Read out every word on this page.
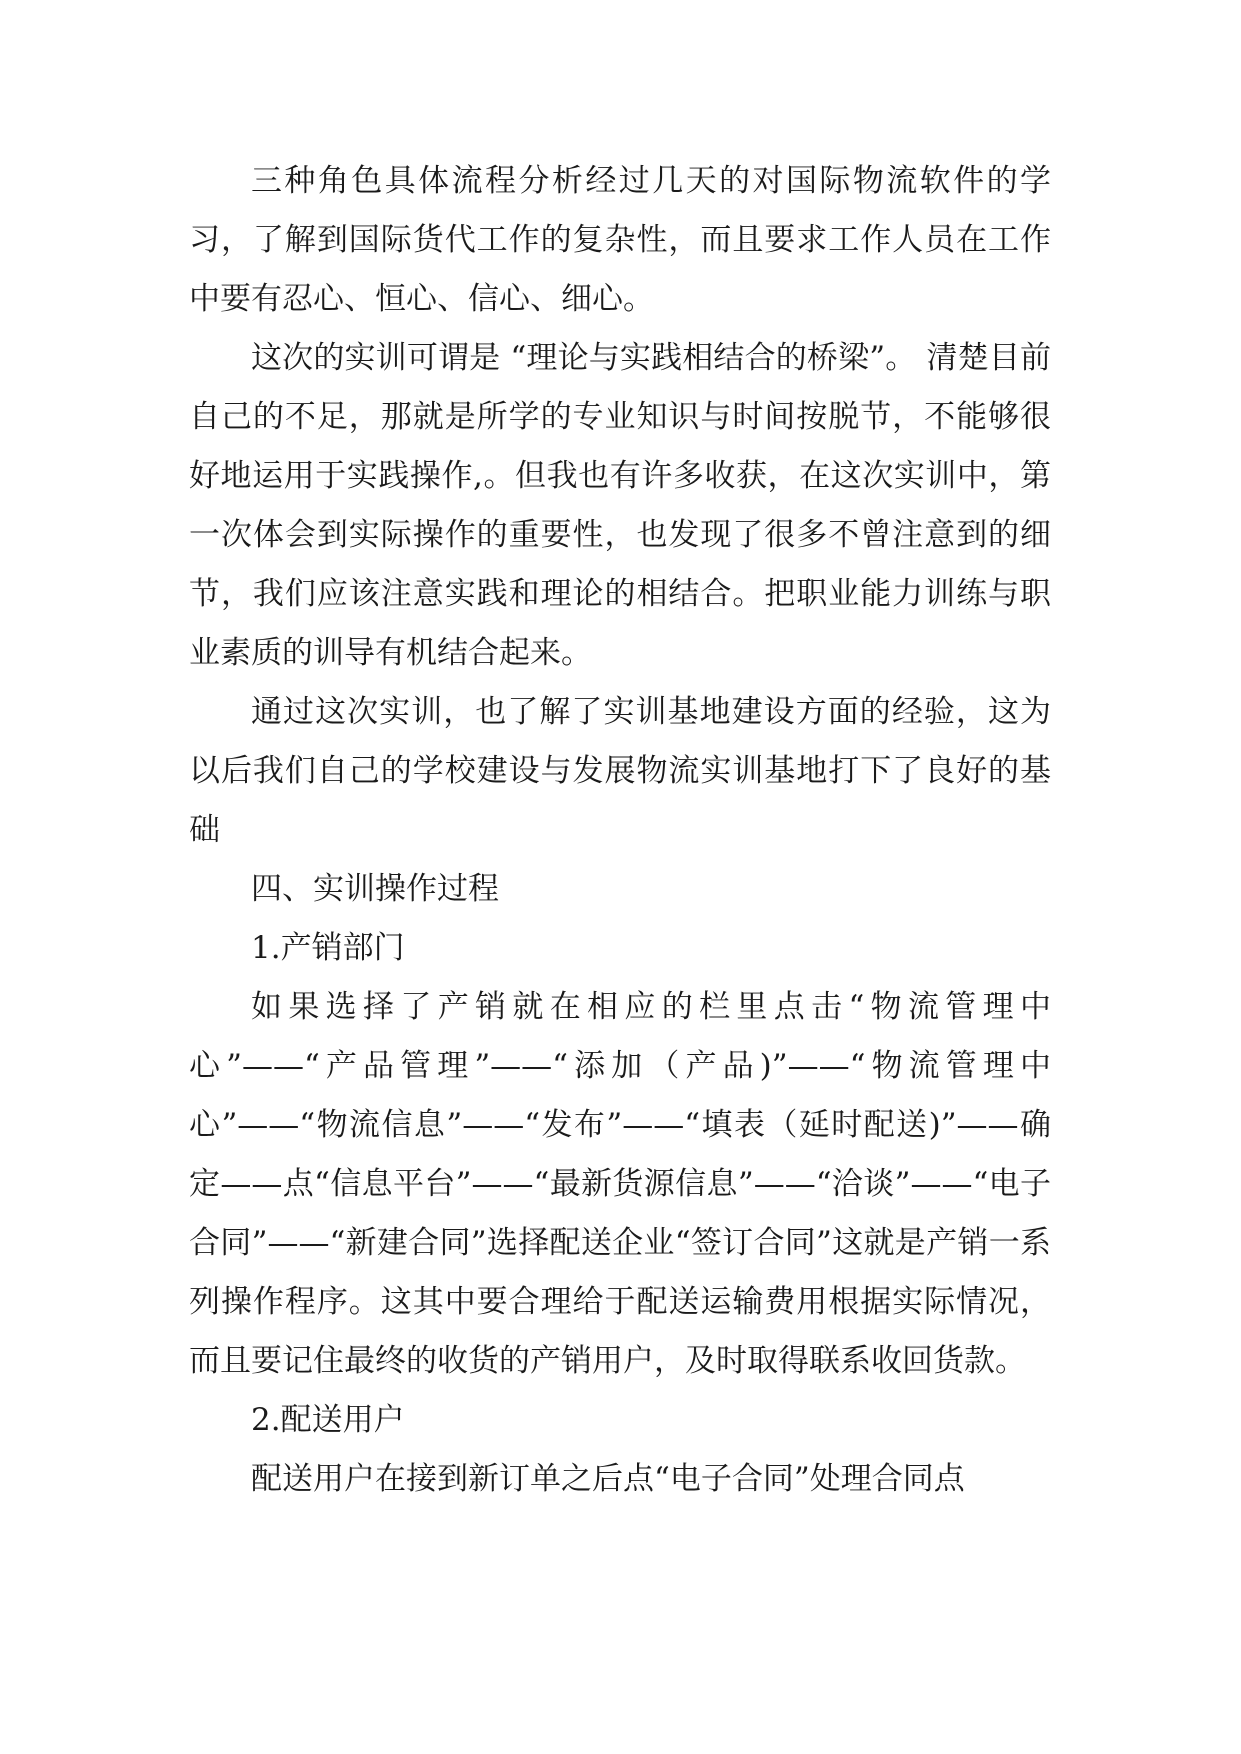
三种角色具体流程分析经过几天的对国际物流软件的学习，了解到国际货代工作的复杂性，而且要求工作人员在工作中要有忍心、恒心、信心、细心。

这次的实训可谓是 “理论与实践相结合的桥梁”。 清楚目前自己的不足，那就是所学的专业知识与时间按脱节，不能够很好地运用于实践操作,。但我也有许多收获，在这次实训中，第一次体会到实际操作的重要性，也发现了很多不曾注意到的细节，我们应该注意实践和理论的相结合。把职业能力训练与职业素质的训导有机结合起来。

通过这次实训，也了解了实训基地建设方面的经验，这为以后我们自己的学校建设与发展物流实训基地打下了良好的基础

四、实训操作过程

1.产销部门

如果选择了产销就在相应的栏里点击“物流管理中心”——“产品管理”——“添加（产品)”——“物流管理中心”——“物流信息”——“发布”——“填表（延时配送)”——确定——点“信息平台”——“最新货源信息”——“洽谈”——“电子合同”——“新建合同”选择配送企业“签订合同”这就是产销一系列操作程序。这其中要合理给于配送运输费用根据实际情况，而且要记住最终的收货的产销用户，及时取得联系收回货款。

2.配送用户

配送用户在接到新订单之后点“电子合同”处理合同点
